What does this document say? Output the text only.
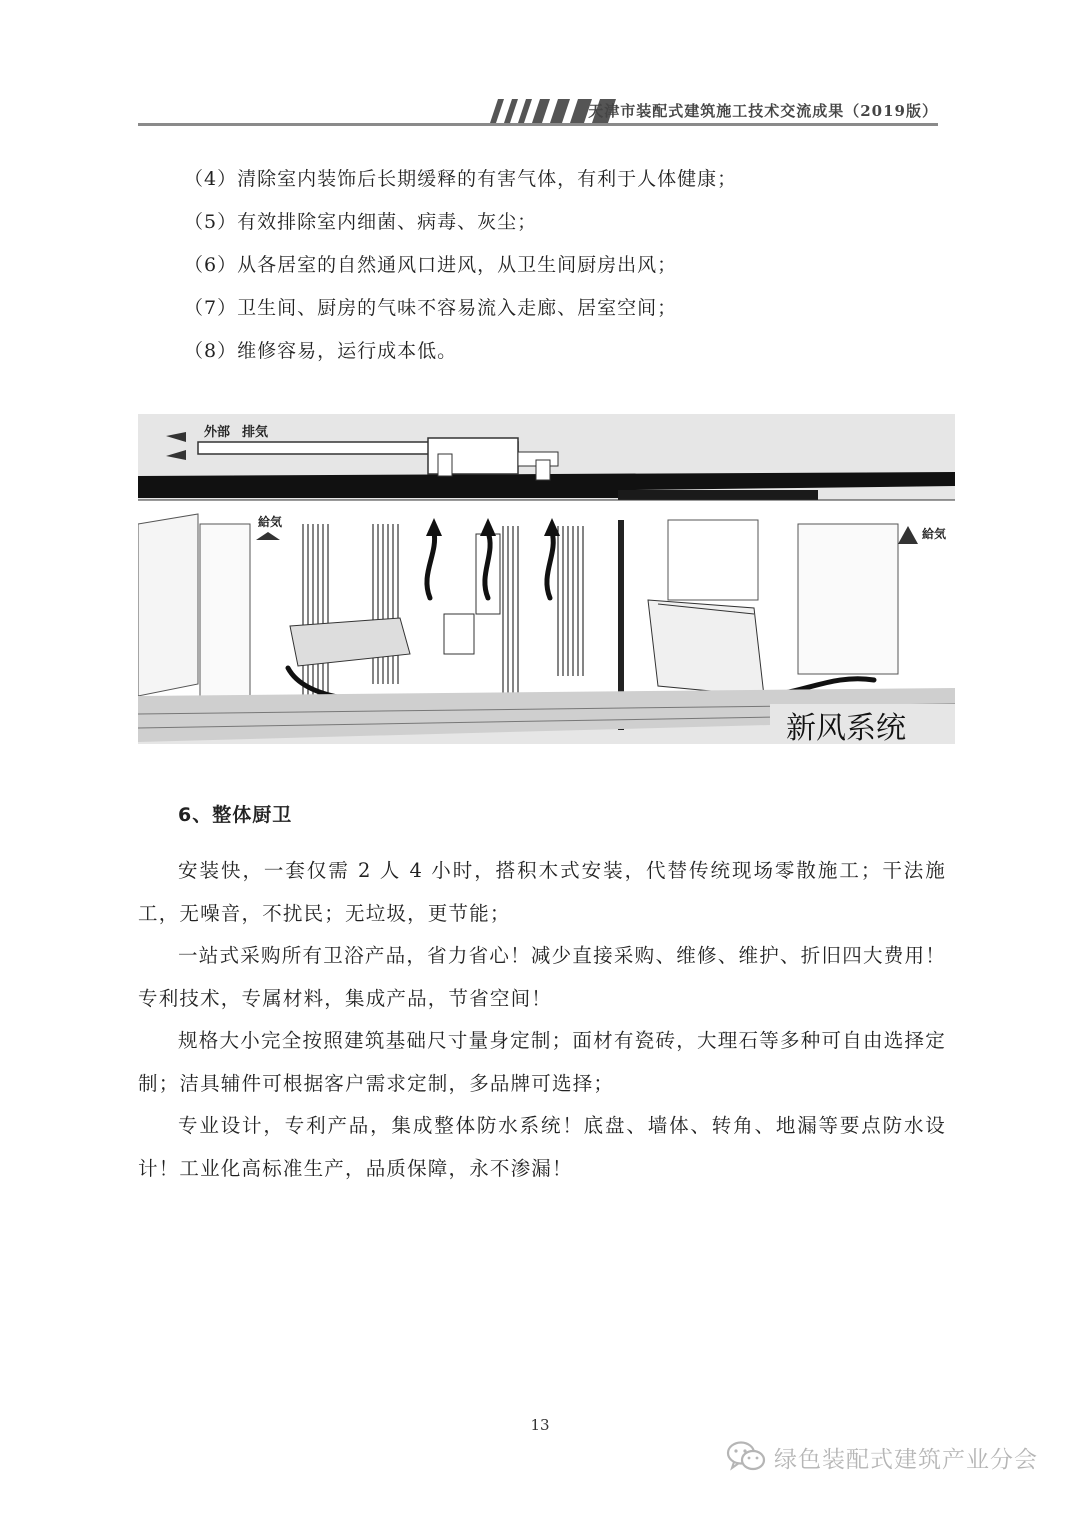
天津市装配式建筑施工技术交流成果（2019版）
（4）清除室内装饰后长期缓释的有害气体，有利于人体健康；
（5）有效排除室内细菌、病毒、灰尘；
（6）从各居室的自然通风口进风，从卫生间厨房出风；
（7）卫生间、厨房的气味不容易流入走廊、居室空间；
（8）维修容易，运行成本低。
外部 排気
給気
給気
新风系统
6、整体厨卫

安装快，一套仅需 2 人 4 小时，搭积木式安装，代替传统现场零散施工；干法施工，无噪音，不扰民；无垃圾，更节能；

一站式采购所有卫浴产品，省力省心！减少直接采购、维修、维护、折旧四大费用！专利技术，专属材料，集成产品，节省空间！

规格大小完全按照建筑基础尺寸量身定制；面材有瓷砖，大理石等多种可自由选择定制；洁具辅件可根据客户需求定制，多品牌可选择；

专业设计，专利产品，集成整体防水系统！底盘、墙体、转角、地漏等要点防水设计！工业化高标准生产，品质保障，永不渗漏！

13
绿色装配式建筑产业分会
